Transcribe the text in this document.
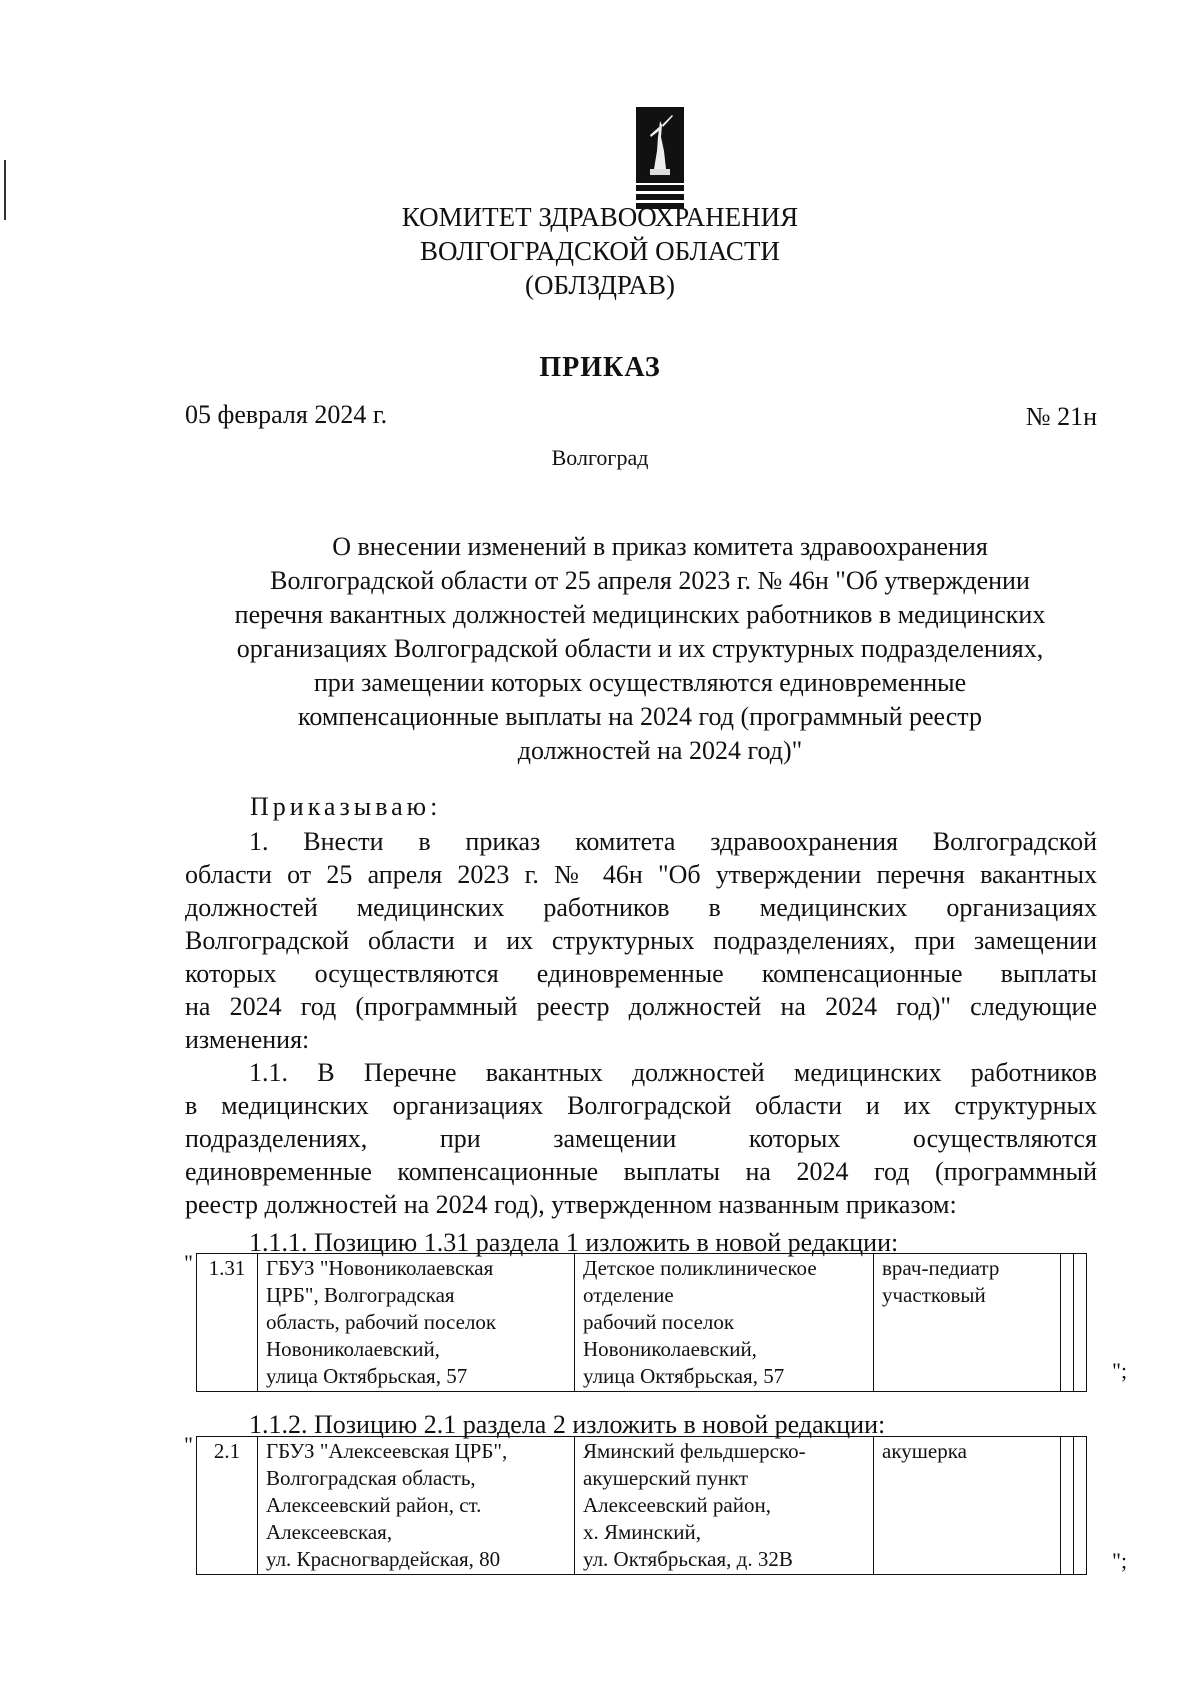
КОМИТЕТ ЗДРАВООХРАНЕНИЯ
ВОЛГОГРАДСКОЙ ОБЛАСТИ
(ОБЛЗДРАВ)
ПРИКАЗ
05 февраля 2024 г.	№ 21н
Волгоград
О внесении изменений в приказ комитета здравоохранения
Волгоградской области от 25 апреля 2023 г. № 46н "Об утверждении
перечня вакантных должностей медицинских работников в медицинских
организациях Волгоградской области и их структурных подразделениях,
при замещении которых осуществляются единовременные
компенсационные выплаты на 2024 год (программный реестр
должностей на 2024 год)"
Приказываю:
1. Внести в приказ комитета здравоохранения Волгоградской
области от 25 апреля 2023 г. № 46н "Об утверждении перечня вакантных
должностей медицинских работников в медицинских организациях
Волгоградской области и их структурных подразделениях, при замещении
которых осуществляются единовременные компенсационные выплаты
на 2024 год (программный реестр должностей на 2024 год)" следующие
изменения:
1.1. В Перечне вакантных должностей медицинских работников
в медицинских организациях Волгоградской области и их структурных
подразделениях, при замещении которых осуществляются
единовременные компенсационные выплаты на 2024 год (программный
реестр должностей на 2024 год), утвержденном названным приказом:
1.1.1. Позицию 1.31 раздела 1 изложить в новой редакции:
" 1.31	ГБУЗ "Новониколаевская
ЦРБ", Волгоградская
область, рабочий поселок
Новониколаевский,
улица Октябрьская, 57

Детское поликлиническое
отделение
рабочий поселок
Новониколаевский,
улица Октябрьская, 57

врач-педиатр
участковый

";
1.1.2. Позицию 2.1 раздела 2 изложить в новой редакции:
" 2.1	ГБУЗ "Алексеевская ЦРБ",
Волгоградская область,
Алексеевский район, ст.
Алексеевская,
ул. Красногвардейская, 80

Яминский фельдшерско-
акушерский пункт
Алексеевский район,
х. Яминский,
ул. Октябрьская, д. 32В

акушерка

";
